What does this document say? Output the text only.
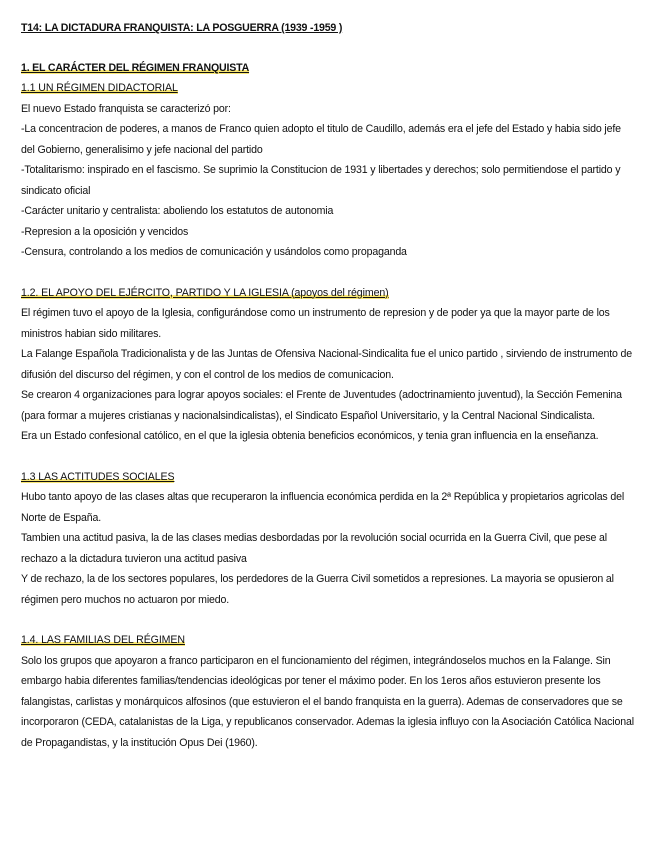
T14: LA DICTADURA FRANQUISTA: LA POSGUERRA (1939 -1959 )
1. EL CARÁCTER DEL RÉGIMEN FRANQUISTA
1.1 UN RÉGIMEN DIDACTORIAL

El nuevo Estado franquista se caracterizó por:

-La concentracion de poderes, a manos de Franco quien adopto el titulo de Caudillo, además era el jefe del Estado y habia sido jefe del Gobierno, generalisimo y jefe nacional del partido

-Totalitarismo: inspirado en el fascismo. Se suprimio la Constitucion de 1931 y libertades y derechos; solo permitiendose el partido y sindicato oficial

-Carácter unitario y centralista: aboliendo los estatutos de autonomia

-Represion a la oposición y vencidos

-Censura, controlando a los medios de comunicación y usándolos como propaganda

1.2. EL APOYO DEL EJÉRCITO, PARTIDO Y LA IGLESIA (apoyos del régimen)

El régimen tuvo el apoyo de la Iglesia, configurándose como un instrumento de represion y de poder ya que la mayor parte de los ministros habian sido militares.

La Falange Española Tradicionalista y de las Juntas de Ofensiva Nacional-Sindicalita fue el unico partido , sirviendo de instrumento de difusión del discurso del régimen, y con el control de los medios de comunicacion.

Se crearon 4 organizaciones para lograr apoyos sociales: el Frente de Juventudes (adoctrinamiento juventud), la Sección Femenina (para formar a mujeres cristianas y nacionalsindicalistas), el Sindicato Español Universitario, y la Central Nacional Sindicalista.

Era un Estado confesional católico, en el que la iglesia obtenia beneficios económicos, y tenia gran influencia en la enseñanza.

1.3 LAS ACTITUDES SOCIALES

Hubo tanto apoyo de las clases altas que recuperaron la influencia económica perdida en la 2ª República y propietarios agricolas del Norte de España.

Tambien una actitud pasiva, la de las clases medias desbordadas por la revolución social ocurrida en la Guerra Civil, que pese al rechazo a la dictadura tuvieron una actitud pasiva

Y de rechazo, la de los sectores populares, los perdedores de la Guerra Civil sometidos a represiones. La mayoria se opusieron al régimen pero muchos no actuaron por miedo.

1.4. LAS FAMILIAS DEL RÉGIMEN

Solo los grupos que apoyaron a franco participaron en el funcionamiento del régimen, integrándoselos muchos en la Falange. Sin embargo habia diferentes familias/tendencias ideológicas por tener el máximo poder. En los 1eros años estuvieron presente los falangistas, carlistas y monárquicos alfosinos (que estuvieron el el bando franquista en la guerra). Ademas de conservadores que se incorporaron (CEDA, catalanistas de la Liga, y republicanos conservador. Ademas la iglesia influyo con la Asociación Católica Nacional de Propagandistas, y la institución Opus Dei (1960).
